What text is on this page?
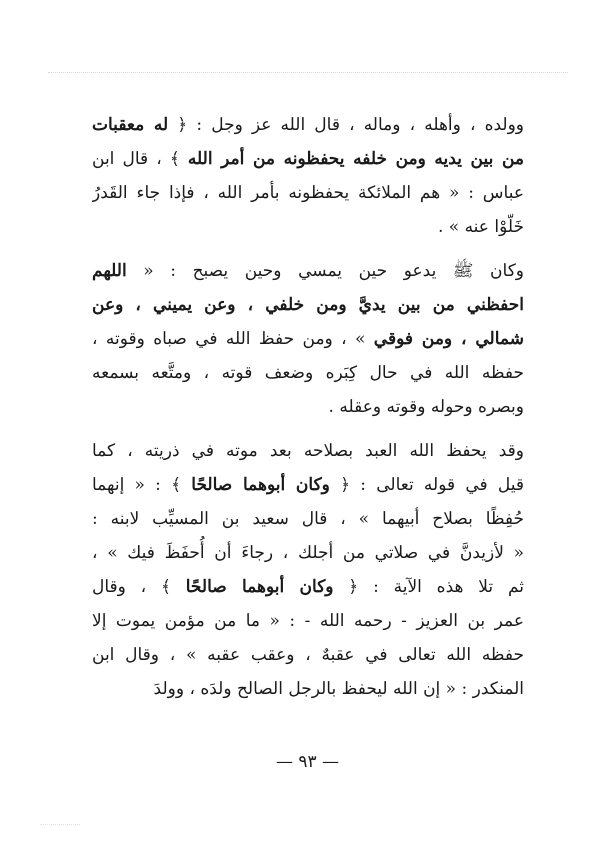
وولده ، وأهله ، وماله ، قال الله عز وجل : ﴿ له معقبات
من بين يديه ومن خلفه يحفظونه من أمر الله ﴾ ، قال ابن
عباس : « هم الملائكة يحفظونه بأمر الله ، فإذا جاء القَدرُ
خَلّوْا عنه » .
وكان ﷺ يدعو حين يمسي وحين يصبح : « اللهم
احفظني من بين يديَّ ومن خلفي ، وعن يميني ، وعن
شمالي ، ومن فوقي » ، ومن حفظ الله في صباه وقوته ،
حفظه الله في حال كِبَره وضعف قوته ، ومتَّعه بسمعه
وبصره وحوله وقوته وعقله .
وقد يحفظ الله العبد بصلاحه بعد موته في ذريته ، كما
قيل في قوله تعالى : ﴿ وكان أبوهما صالحًا ﴾ : « إنهما
حُفِظًا بصلاح أبيهما » ، قال سعيد بن المسيِّب لابنه :
« لأزيدنَّ في صلاتي من أجلك ، رجاءَ أن أُحفَظَ فيك » ،
ثم تلا هذه الآية : ﴿ وكان أبوهما صالحًا ﴾ ، وقال
عمر بن العزيز - رحمه الله - : « ما من مؤمن يموت إلا
حفظه الله تعالى في عقبهٌ ، وعقب عقبه » ، وقال ابن
المنكدر : « إن الله ليحفظ بالرجل الصالح ولدَه ، وولدَ
— ٩٣ —
